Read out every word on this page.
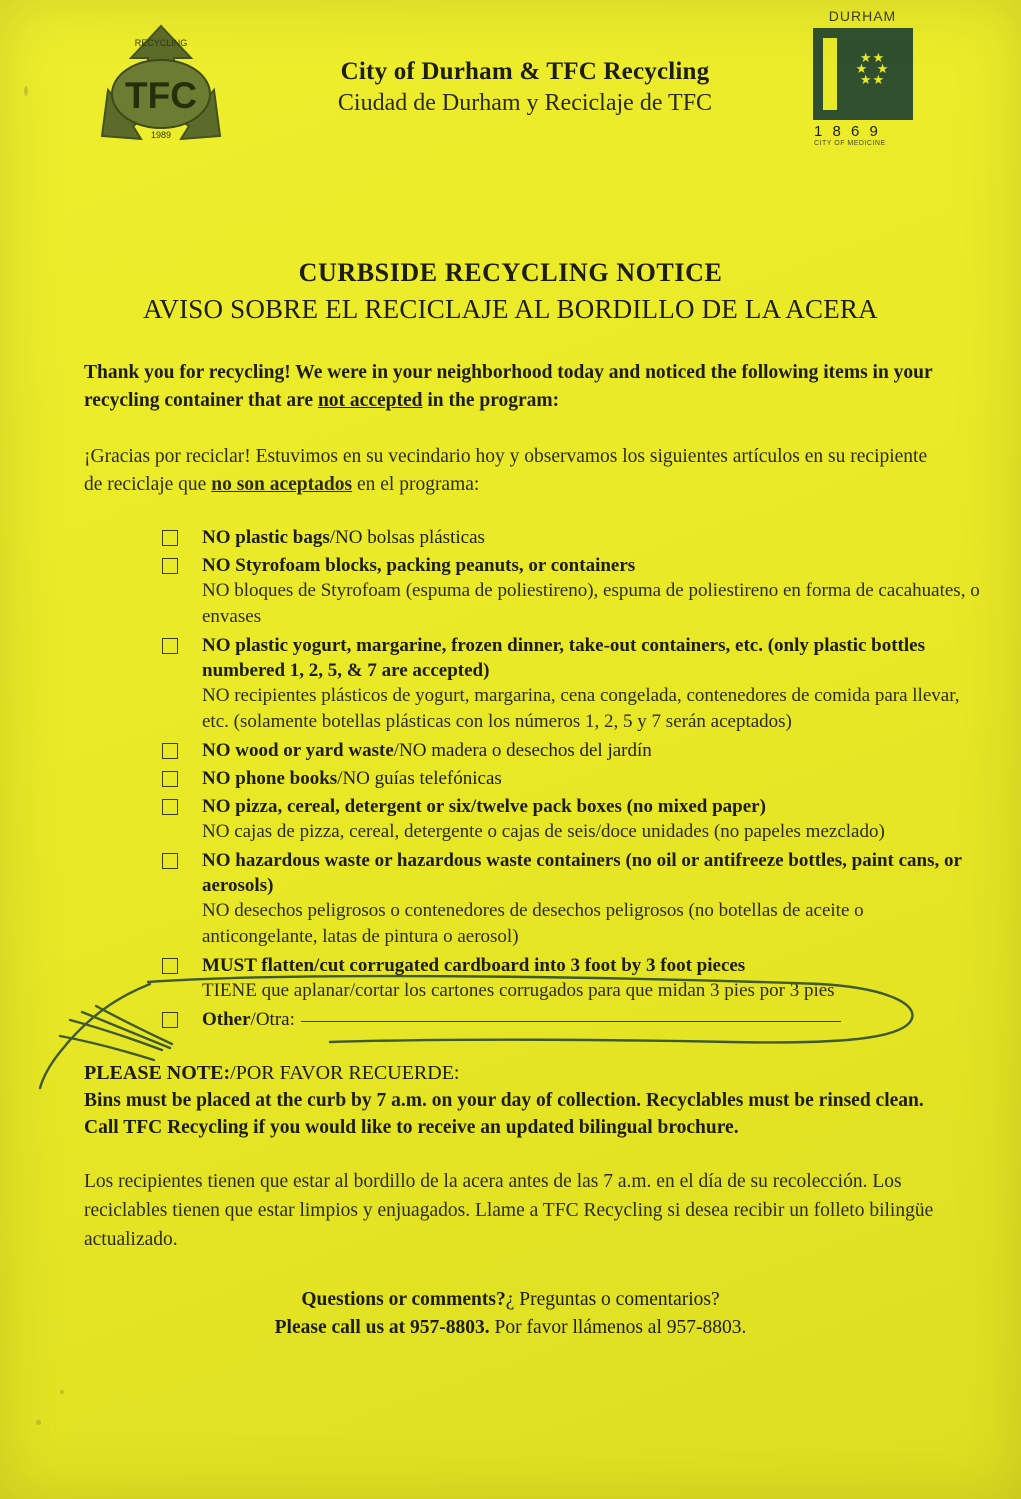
TFC
RECYCLING
1989
City of Durham & TFC Recycling
Ciudad de Durham y Reciclaje de TFC
DURHAM
★★
★  ★
★★
1 8 6 9
CITY OF MEDICINE
CURBSIDE RECYCLING NOTICE
AVISO SOBRE EL RECICLAJE AL BORDILLO DE LA ACERA
Thank you for recycling! We were in your neighborhood today and noticed the following items in your recycling container that are not accepted in the program:
¡Gracias por reciclar! Estuvimos en su vecindario hoy y observamos los siguientes artículos en su recipiente de reciclaje que no son aceptados en el programa:
NO plastic bags/NO bolsas plásticas
NO Styrofoam blocks, packing peanuts, or containers
NO bloques de Styrofoam (espuma de poliestireno), espuma de poliestireno en forma de cacahuates, o envases
NO plastic yogurt, margarine, frozen dinner, take-out containers, etc. (only plastic bottles numbered 1, 2, 5, & 7 are accepted)
NO recipientes plásticos de yogurt, margarina, cena congelada, contenedores de comida para llevar, etc. (solamente botellas plásticas con los números 1, 2, 5 y 7 serán aceptados)
NO wood or yard waste/NO madera o desechos del jardín
NO phone books/NO guías telefónicas
NO pizza, cereal, detergent or six/twelve pack boxes (no mixed paper)
NO cajas de pizza, cereal, detergente o cajas de seis/doce unidades (no papeles mezclado)
NO hazardous waste or hazardous waste containers (no oil or antifreeze bottles, paint cans, or aerosols)
NO desechos peligrosos o contenedores de desechos peligrosos (no botellas de aceite o anticongelante, latas de pintura o aerosol)
MUST flatten/cut corrugated cardboard into 3 foot by 3 foot pieces
TIENE que aplanar/cortar los cartones corrugados para que midan 3 pies por 3 pies
Other/Otra:
PLEASE NOTE:/POR FAVOR RECUERDE:
Bins must be placed at the curb by 7 a.m. on your day of collection. Recyclables must be rinsed clean. Call TFC Recycling if you would like to receive an updated bilingual brochure.
Los recipientes tienen que estar al bordillo de la acera antes de las 7 a.m. en el día de su recolección. Los reciclables tienen que estar limpios y enjuagados. Llame a TFC Recycling si desea recibir un folleto bilingüe actualizado.
Questions or comments?¿ Preguntas o comentarios?
Please call us at 957-8803. Por favor llámenos al 957-8803.
